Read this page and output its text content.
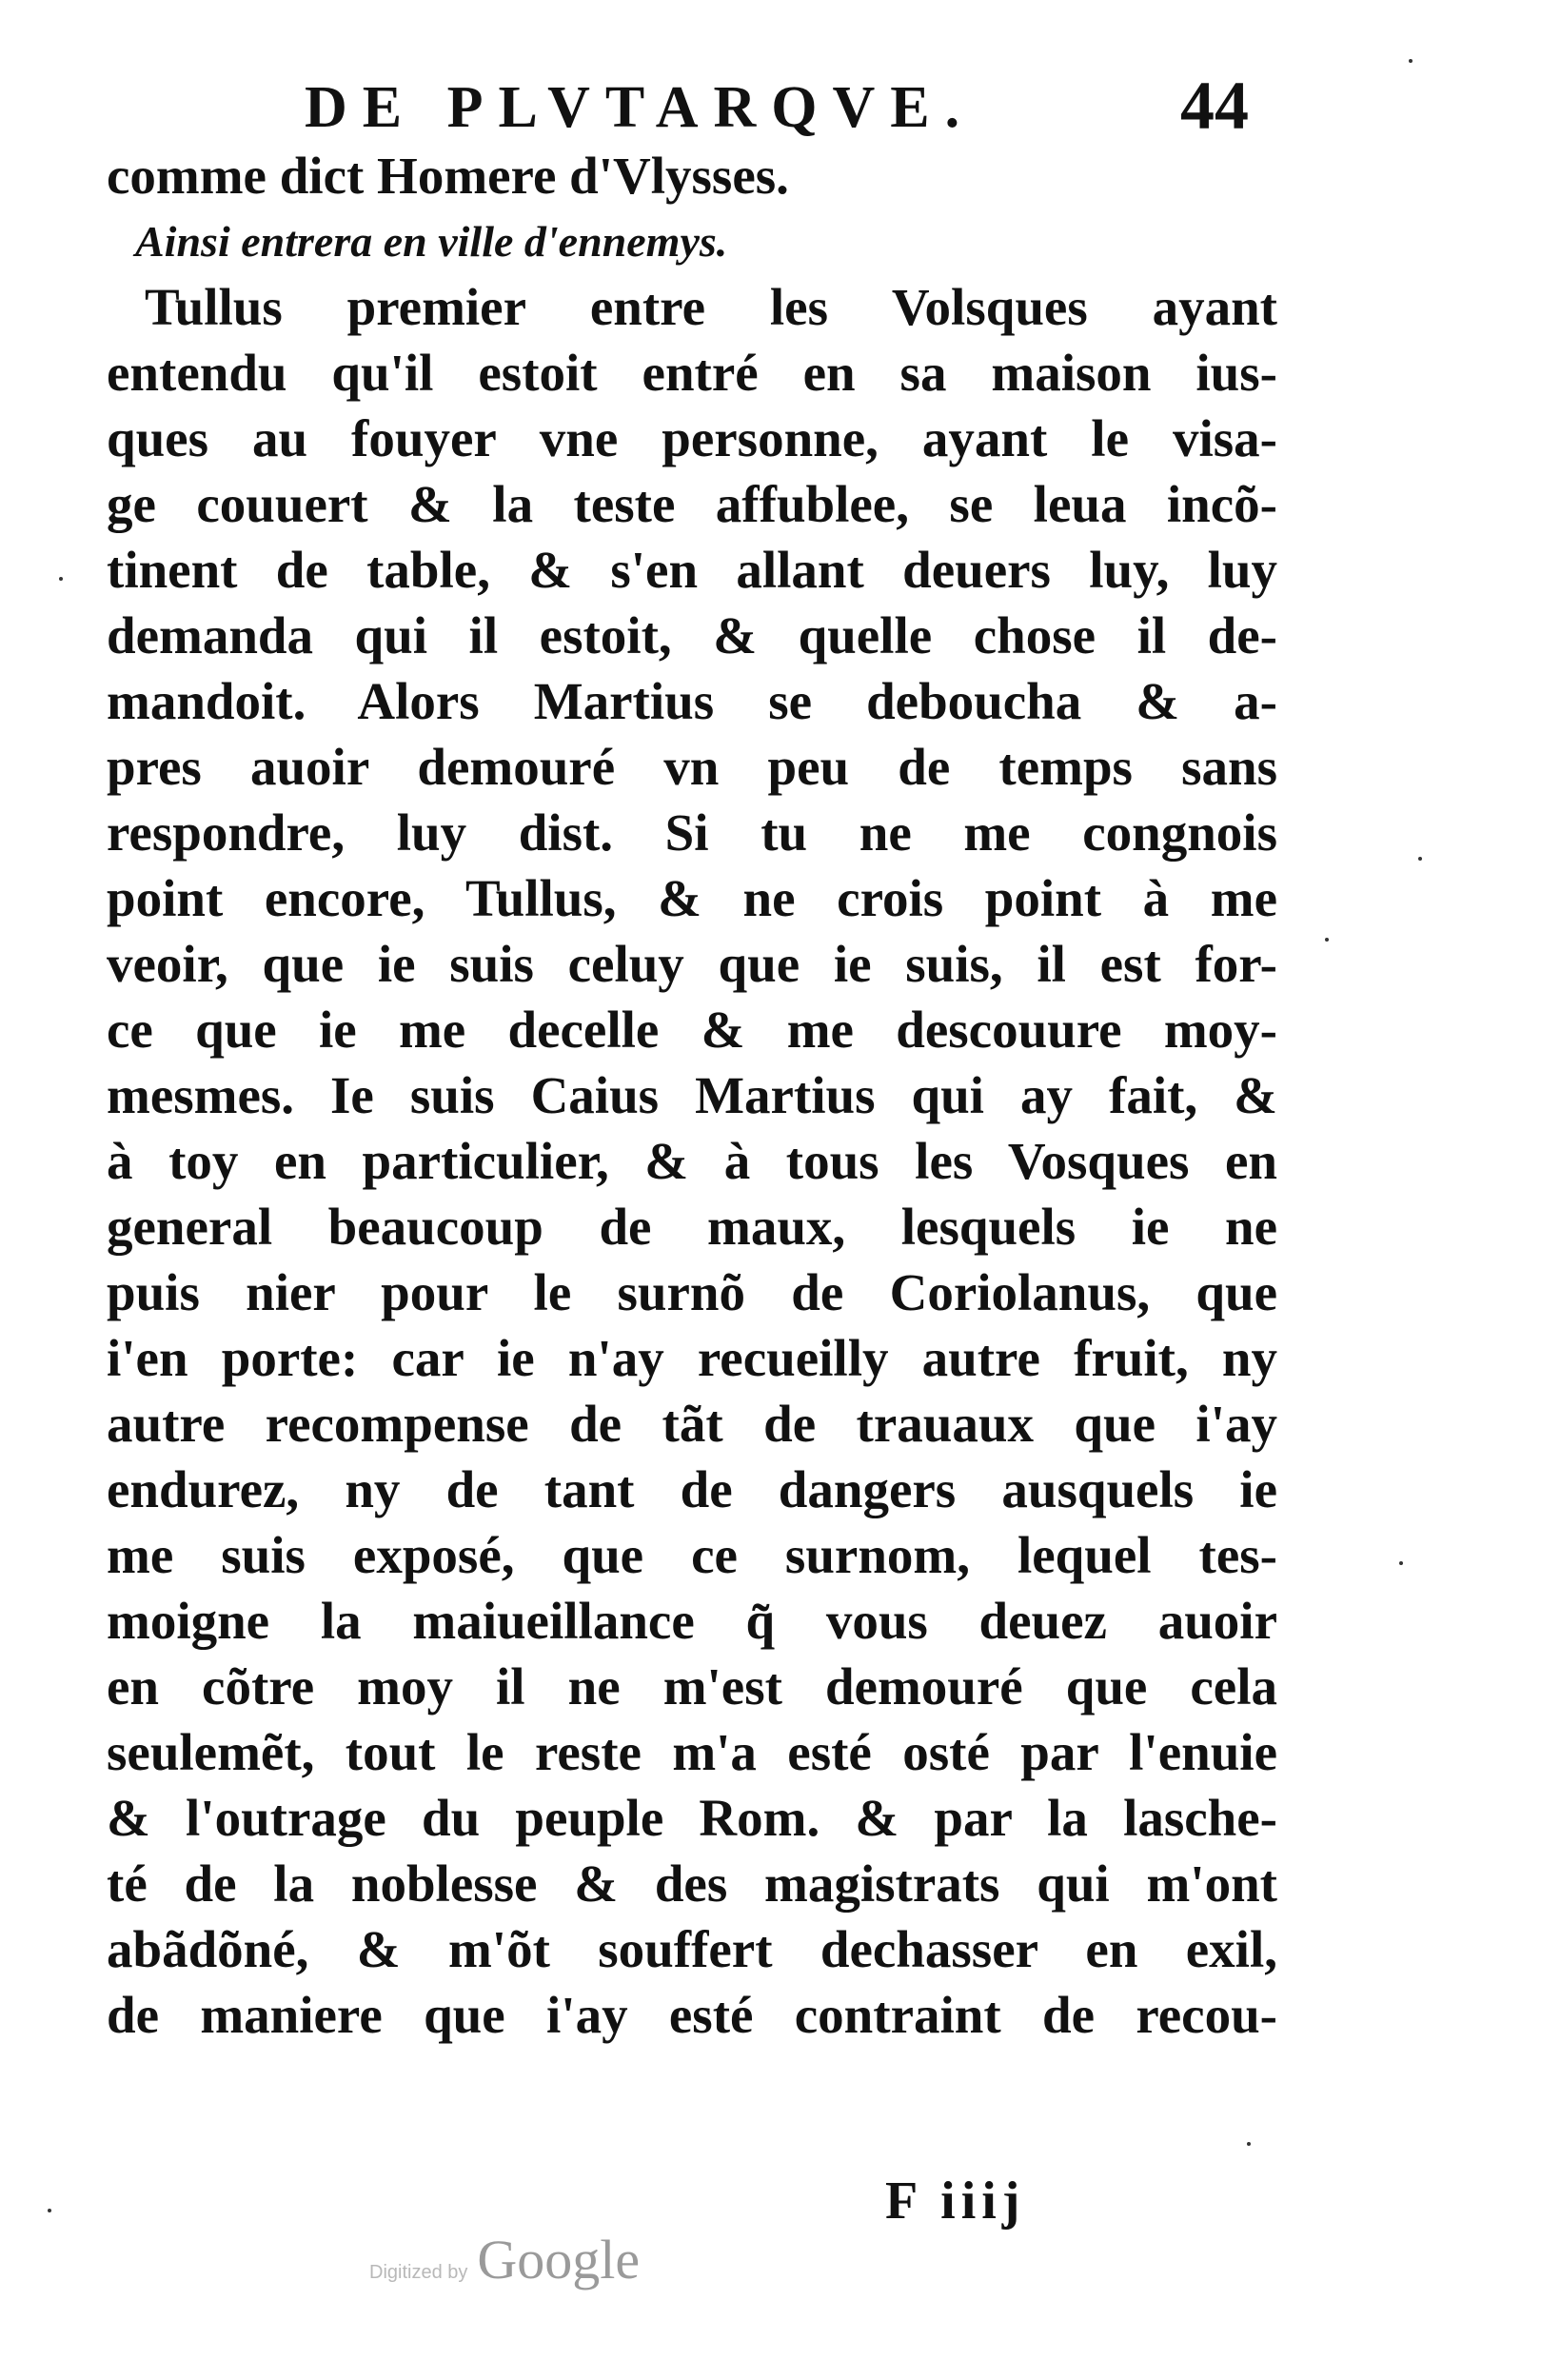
DE PLVTARQVE.	44
comme dict Homere d'Vlysses.
Ainsi entrera en ville d'ennemys.
Tullus premier entre les Volsques ayant
entendu qu'il estoit entré en sa maison ius-
ques au fouyer vne personne, ayant le visa-
ge couuert & la teste affublee, se leua incõ-
tinent de table, & s'en allant deuers luy, luy
demanda qui il estoit, & quelle chose il de-
mandoit. Alors Martius se deboucha & a-
pres auoir demouré vn peu de temps sans
respondre, luy dist. Si tu ne me congnois
point encore, Tullus, & ne crois point à me
veoir, que ie suis celuy que ie suis, il est for-
ce que ie me decelle & me descouure moy-
mesmes. Ie suis Caius Martius qui ay fait, &
à toy en particulier, & à tous les Vosques en
general beaucoup de maux, lesquels ie ne
puis nier pour le surnõ de Coriolanus, que
i'en porte: car ie n'ay recueilly autre fruit, ny
autre recompense de tãt de trauaux que i'ay
endurez, ny de tant de dangers ausquels ie
me suis exposé, que ce surnom, lequel tes-
moigne la maiueillance q̃ vous deuez auoir
en cõtre moy il ne m'est demouré que cela
seulemẽt, tout le reste m'a esté osté par l'enuie
& l'outrage du peuple Rom. & par la lasche-
té de la noblesse & des magistrats qui m'ont
abãdõné, & m'õt souffert dechasser en exil,
de maniere que i'ay esté contraint de recou-
F iiij
Digitized by Google
